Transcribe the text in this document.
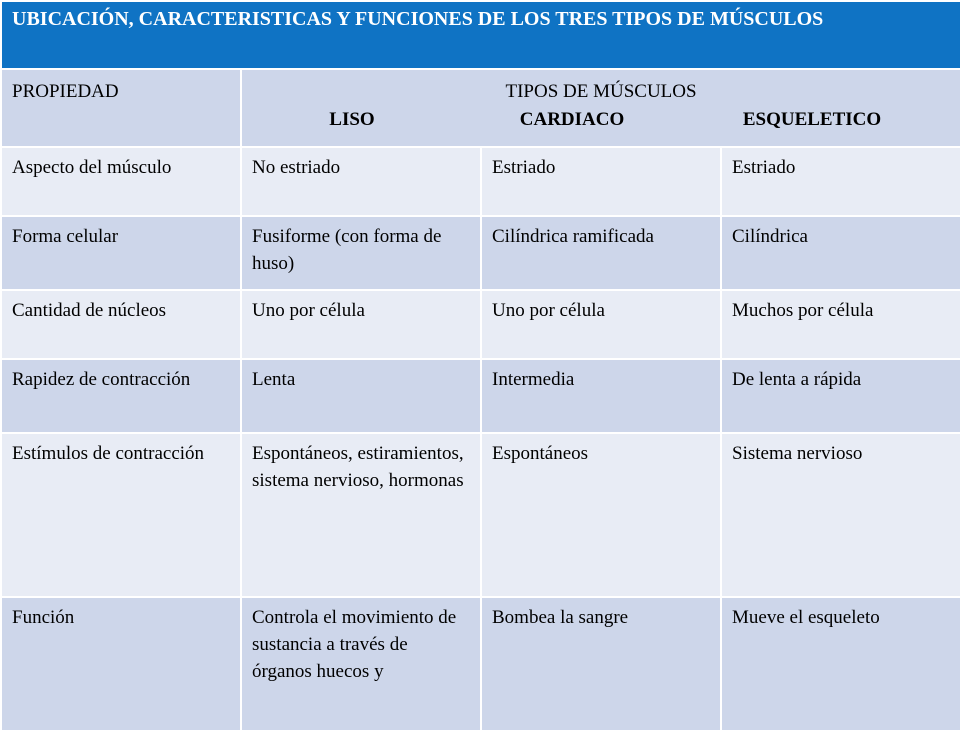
UBICACIÓN, CARACTERISTICAS Y FUNCIONES DE LOS TRES TIPOS DE MÚSCULOS			
PROPIEDAD	TIPOS DE MÚSCULOS
LISO CARDIACO ESQUELETICO		

Aspecto del músculo	No estriado	Estriado	Estriado
Forma celular	Fusiforme (con forma de huso)	Cilíndrica ramificada	Cilíndrica
Cantidad de núcleos	Uno por célula	Uno por célula	Muchos por célula
Rapidez de contracción	Lenta	Intermedia	De lenta a rápida
Estímulos de contracción	Espontáneos, estiramientos, sistema nervioso, hormonas	Espontáneos	Sistema nervioso
Función	Controla el movimiento de sustancia a través de órganos huecos y	Bombea la sangre	Mueve el esqueleto
